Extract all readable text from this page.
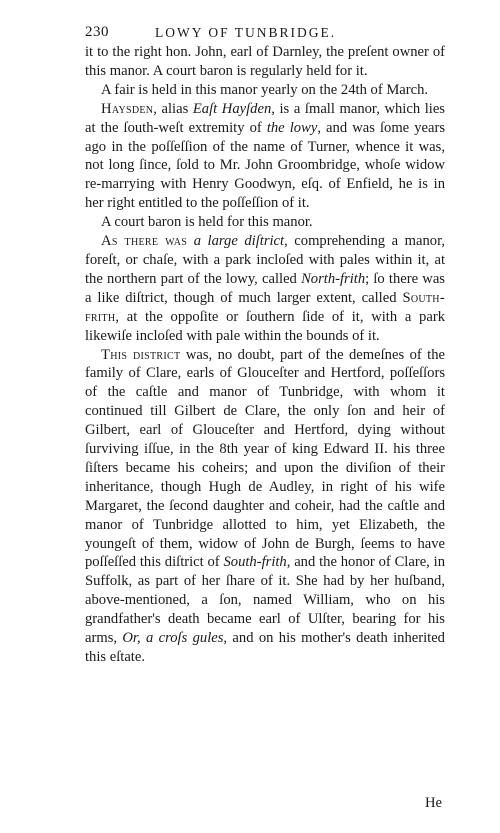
230	LOWY OF TUNBRIDGE.

it to the right hon. John, earl of Darnley, the preſent owner of this manor. A court baron is regularly held for it.

A fair is held in this manor yearly on the 24th of March.

Haysden, alias Eaſt Hayſden, is a ſmall manor, which lies at the ſouth-weſt extremity of the lowy, and was ſome years ago in the poſſeſſion of the name of Turner, whence it was, not long ſince, ſold to Mr. John Groombridge, whoſe widow re-marrying with Henry Goodwyn, eſq. of Enfield, he is in her right entitled to the poſſeſſion of it.

A court baron is held for this manor.

As there was a large diſtrict, comprehending a manor, foreſt, or chaſe, with a park incloſed with pales within it, at the northern part of the lowy, called North-frith; ſo there was a like diſtrict, though of much larger extent, called South-frith, at the oppoſite or ſouthern ſide of it, with a park likewiſe incloſed with pale within the bounds of it.

This district was, no doubt, part of the demeſnes of the family of Clare, earls of Glouceſter and Hertford, poſſeſſors of the caſtle and manor of Tunbridge, with whom it continued till Gilbert de Clare, the only ſon and heir of Gilbert, earl of Glouceſter and Hertford, dying without ſurviving iſſue, in the 8th year of king Edward II. his three ſiſters became his coheirs; and upon the diviſion of their inheritance, though Hugh de Audley, in right of his wife Margaret, the ſecond daughter and coheir, had the caſtle and manor of Tunbridge allotted to him, yet Elizabeth, the youngeſt of them, widow of John de Burgh, ſeems to have poſſeſſed this diſtrict of South-frith, and the honor of Clare, in Suffolk, as part of her ſhare of it. She had by her huſband, above-mentioned, a ſon, named William, who on his grandfather's death became earl of Ulſter, bearing for his arms, Or, a croſs gules, and on his mother's death inherited this eſtate.

He
